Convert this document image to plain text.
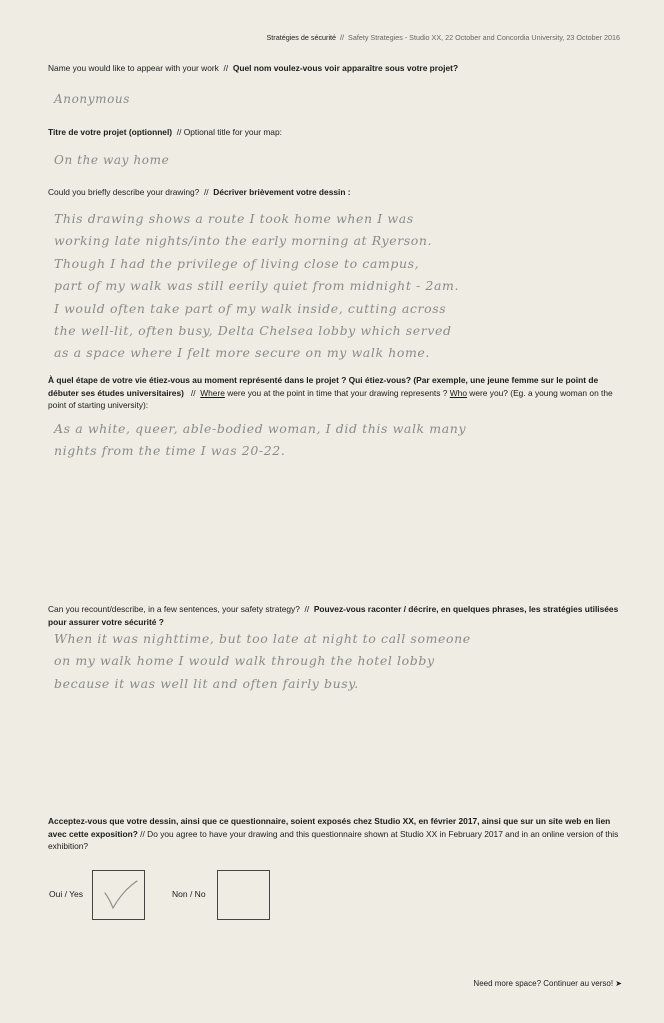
Stratégies de sécurité // Safety Strategies - Studio XX, 22 October and Concordia University, 23 October 2016
Name you would like to appear with your work // Quel nom voulez-vous voir apparaître sous votre projet?
Anonymous
Titre de votre projet (optionnel) // Optional title for your map:
On the way home
Could you briefly describe your drawing? // Décriver brièvement votre dessin :
This drawing shows a route I took home when I was
working late nights/into the early morning at Ryerson.
Though I had the privilege of living close to campus,
part of my walk was still eerily quiet from midnight - 2am.
I would often take part of my walk inside, cutting across
the well-lit, often busy, Delta Chelsea lobby which served
as a space where I felt more secure on my walk home.
À quel étape de votre vie étiez-vous au moment représenté dans le projet ? Qui étiez-vous? (Par exemple, une jeune femme sur le point de débuter ses études universitaires) // Where were you at the point in time that your drawing represents ? Who were you? (Eg. a young woman on the point of starting university):
As a white, queer, able-bodied woman, I did this walk many
nights from the time I was 20-22.
Can you recount/describe, in a few sentences, your safety strategy? // Pouvez-vous raconter / décrire, en quelques phrases, les stratégies utilisées pour assurer votre sécurité ?
When it was nighttime, but too late at night to call someone
on my walk home I would walk through the hotel lobby
because it was well lit and often fairly busy.
Acceptez-vous que votre dessin, ainsi que ce questionnaire, soient exposés chez Studio XX, en février 2017, ainsi que sur un site web en lien avec cette exposition? // Do you agree to have your drawing and this questionnaire shown at Studio XX in February 2017 and in an online version of this exhibition?
Oui / Yes	Non / No
Need more space? Continuer au verso! ➤
